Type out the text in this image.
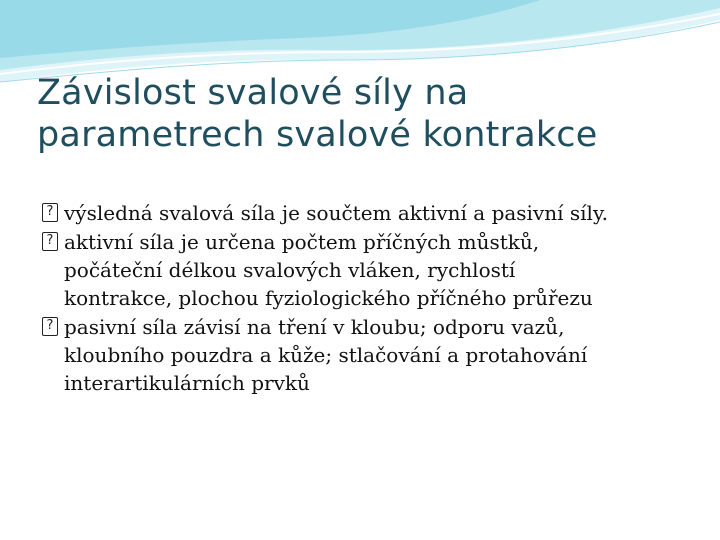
Závislost svalové síly na
parametrech svalové kontrakce
? výsledná svalová síla je součtem aktivní a pasivní síly.
? aktivní síla je určena počtem příčných můstků,
počáteční délkou svalových vláken, rychlostí
kontrakce, plochou fyziologického příčného průřezu
? pasivní síla závisí na tření v kloubu; odporu vazů,
kloubního pouzdra a kůže; stlačování a protahování
interartikulárních prvků
